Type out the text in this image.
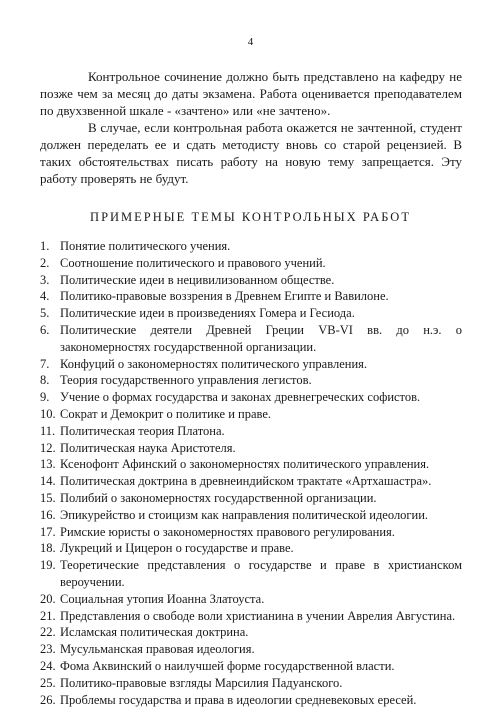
4

Контрольное сочинение должно быть представлено на кафедру не позже чем за месяц до даты экзамена. Работа оценивается преподавателем по двухзвенной шкале - «зачтено» или «не зачтено».

В случае, если контрольная работа окажется не зачтенной, студент должен переделать ее и сдать методисту вновь со старой рецензией. В таких обстоятельствах писать работу на новую тему запрещается. Эту работу проверять не будут.

ПРИМЕРНЫЕ ТЕМЫ КОНТРОЛЬНЫХ РАБОТ
1. Понятие политического учения.
2. Соотношение политического и правового учений.
3. Политические идеи в нецивилизованном обществе.
4. Политико-правовые воззрения в Древнем Египте и Вавилоне.
5. Политические идеи в произведениях Гомера и Гесиода.
6. Политические деятели Древней Греции VB-VI вв. до н.э. о закономерностях государственной организации.
7. Конфуций о закономерностях политического управления.
8. Теория государственного управления легистов.
9. Учение о формах государства и законах древнегреческих софистов.
10. Сократ и Демокрит о политике и праве.
11. Политическая теория Платона.
12. Политическая наука Аристотеля.
13. Ксенофонт Афинский о закономерностях политического управления.
14. Политическая доктрина в древнеиндийском трактате «Артхашастра».
15. Полибий о закономерностях государственной организации.
16. Эпикурейство и стоицизм как направления политической идеологии.
17. Римские юристы о закономерностях правового регулирования.
18. Лукреций и Цицерон о государстве и праве.
19. Теоретические представления о государстве и праве в христианском вероучении.
20. Социальная утопия Иоанна Златоуста.
21. Представления о свободе воли христианина в учении Аврелия Августина.
22. Исламская политическая доктрина.
23. Мусульманская правовая идеология.
24. Фома Аквинский о наилучшей форме государственной власти.
25. Политико-правовые взгляды Марсилия Падуанского.
26. Проблемы государства и права в идеологии средневековых ересей.
